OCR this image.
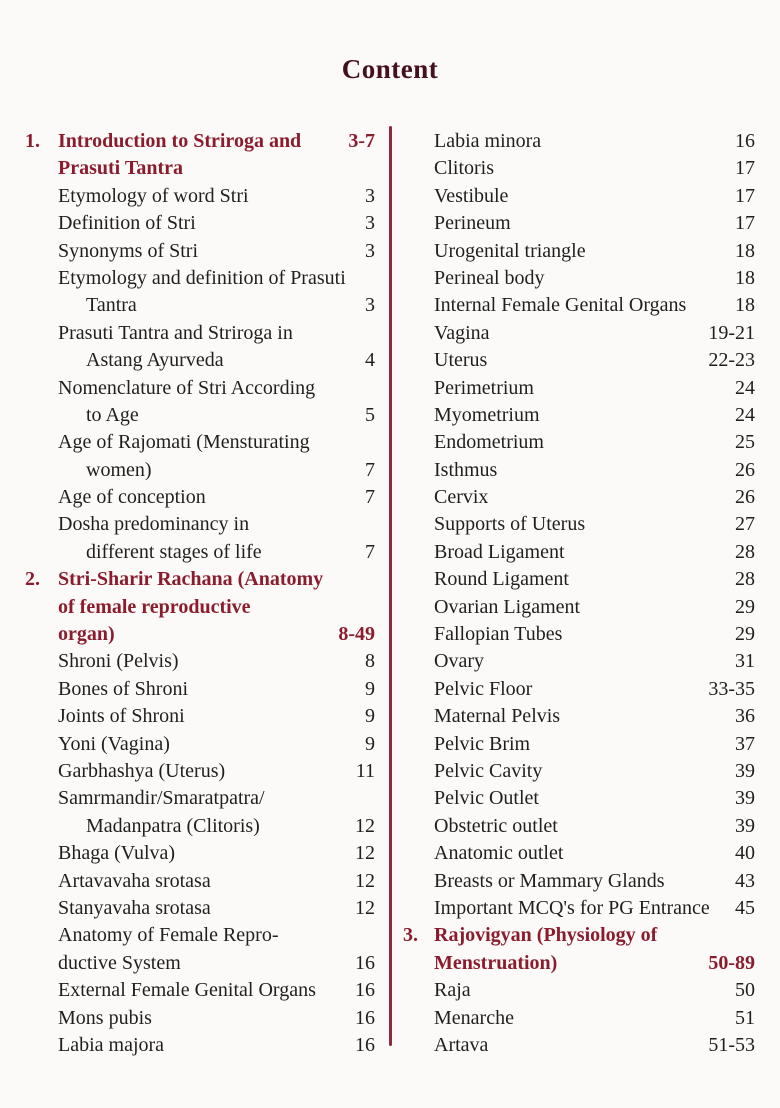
Content
1. Introduction to Striroga and	3-7
Prasuti Tantra
Etymology of word Stri	3
Definition of Stri	3
Synonyms of Stri	3
Etymology and definition of Prasuti
Tantra	3
Prasuti Tantra and Striroga in
Astang Ayurveda	4
Nomenclature of Stri According
to Age	5
Age of Rajomati (Mensturating
women)	7
Age of conception	7
Dosha predominancy in
different stages of life	7
2. Stri-Sharir Rachana (Anatomy
of female reproductive
organ)	8-49
Shroni (Pelvis)	8
Bones of Shroni	9
Joints of Shroni	9
Yoni (Vagina)	9
Garbhashya (Uterus)	11
Samrmandir/Smaratpatra/
Madanpatra (Clitoris)	12
Bhaga (Vulva)	12
Artavavaha srotasa	12
Stanyavaha srotasa	12
Anatomy of Female Repro-
ductive System	16
External Female Genital Organs	16
Mons pubis	16
Labia majora	16
Labia minora	16
Clitoris	17
Vestibule	17
Perineum	17
Urogenital triangle	18
Perineal body	18
Internal Female Genital Organs	18
Vagina	19-21
Uterus	22-23
Perimetrium	24
Myometrium	24
Endometrium	25
Isthmus	26
Cervix	26
Supports of Uterus	27
Broad Ligament	28
Round Ligament	28
Ovarian Ligament	29
Fallopian Tubes	29
Ovary	31
Pelvic Floor	33-35
Maternal Pelvis	36
Pelvic Brim	37
Pelvic Cavity	39
Pelvic Outlet	39
Obstetric outlet	39
Anatomic outlet	40
Breasts or Mammary Glands	43
Important MCQ's for PG Entrance	45
3. Rajovigyan (Physiology of
Menstruation)	50-89
Raja	50
Menarche	51
Artava	51-53
